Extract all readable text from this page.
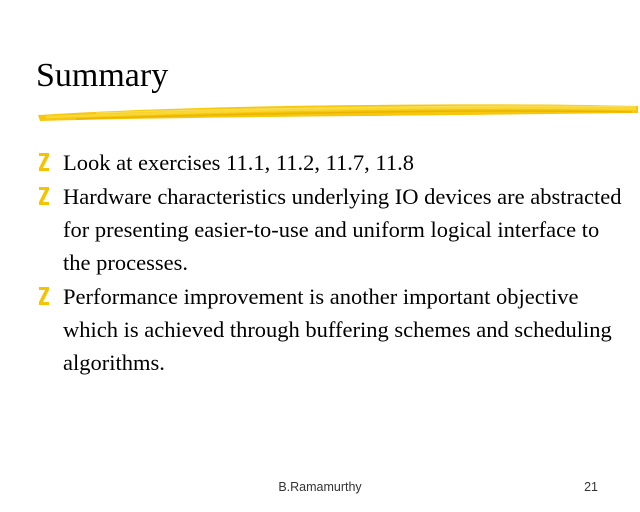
Summary
Look at exercises 11.1, 11.2, 11.7, 11.8
Hardware characteristics underlying IO devices are abstracted for presenting easier-to-use and uniform logical interface to the processes.
Performance improvement is another important objective which is achieved through buffering schemes and scheduling algorithms.
B.Ramamurthy	21
